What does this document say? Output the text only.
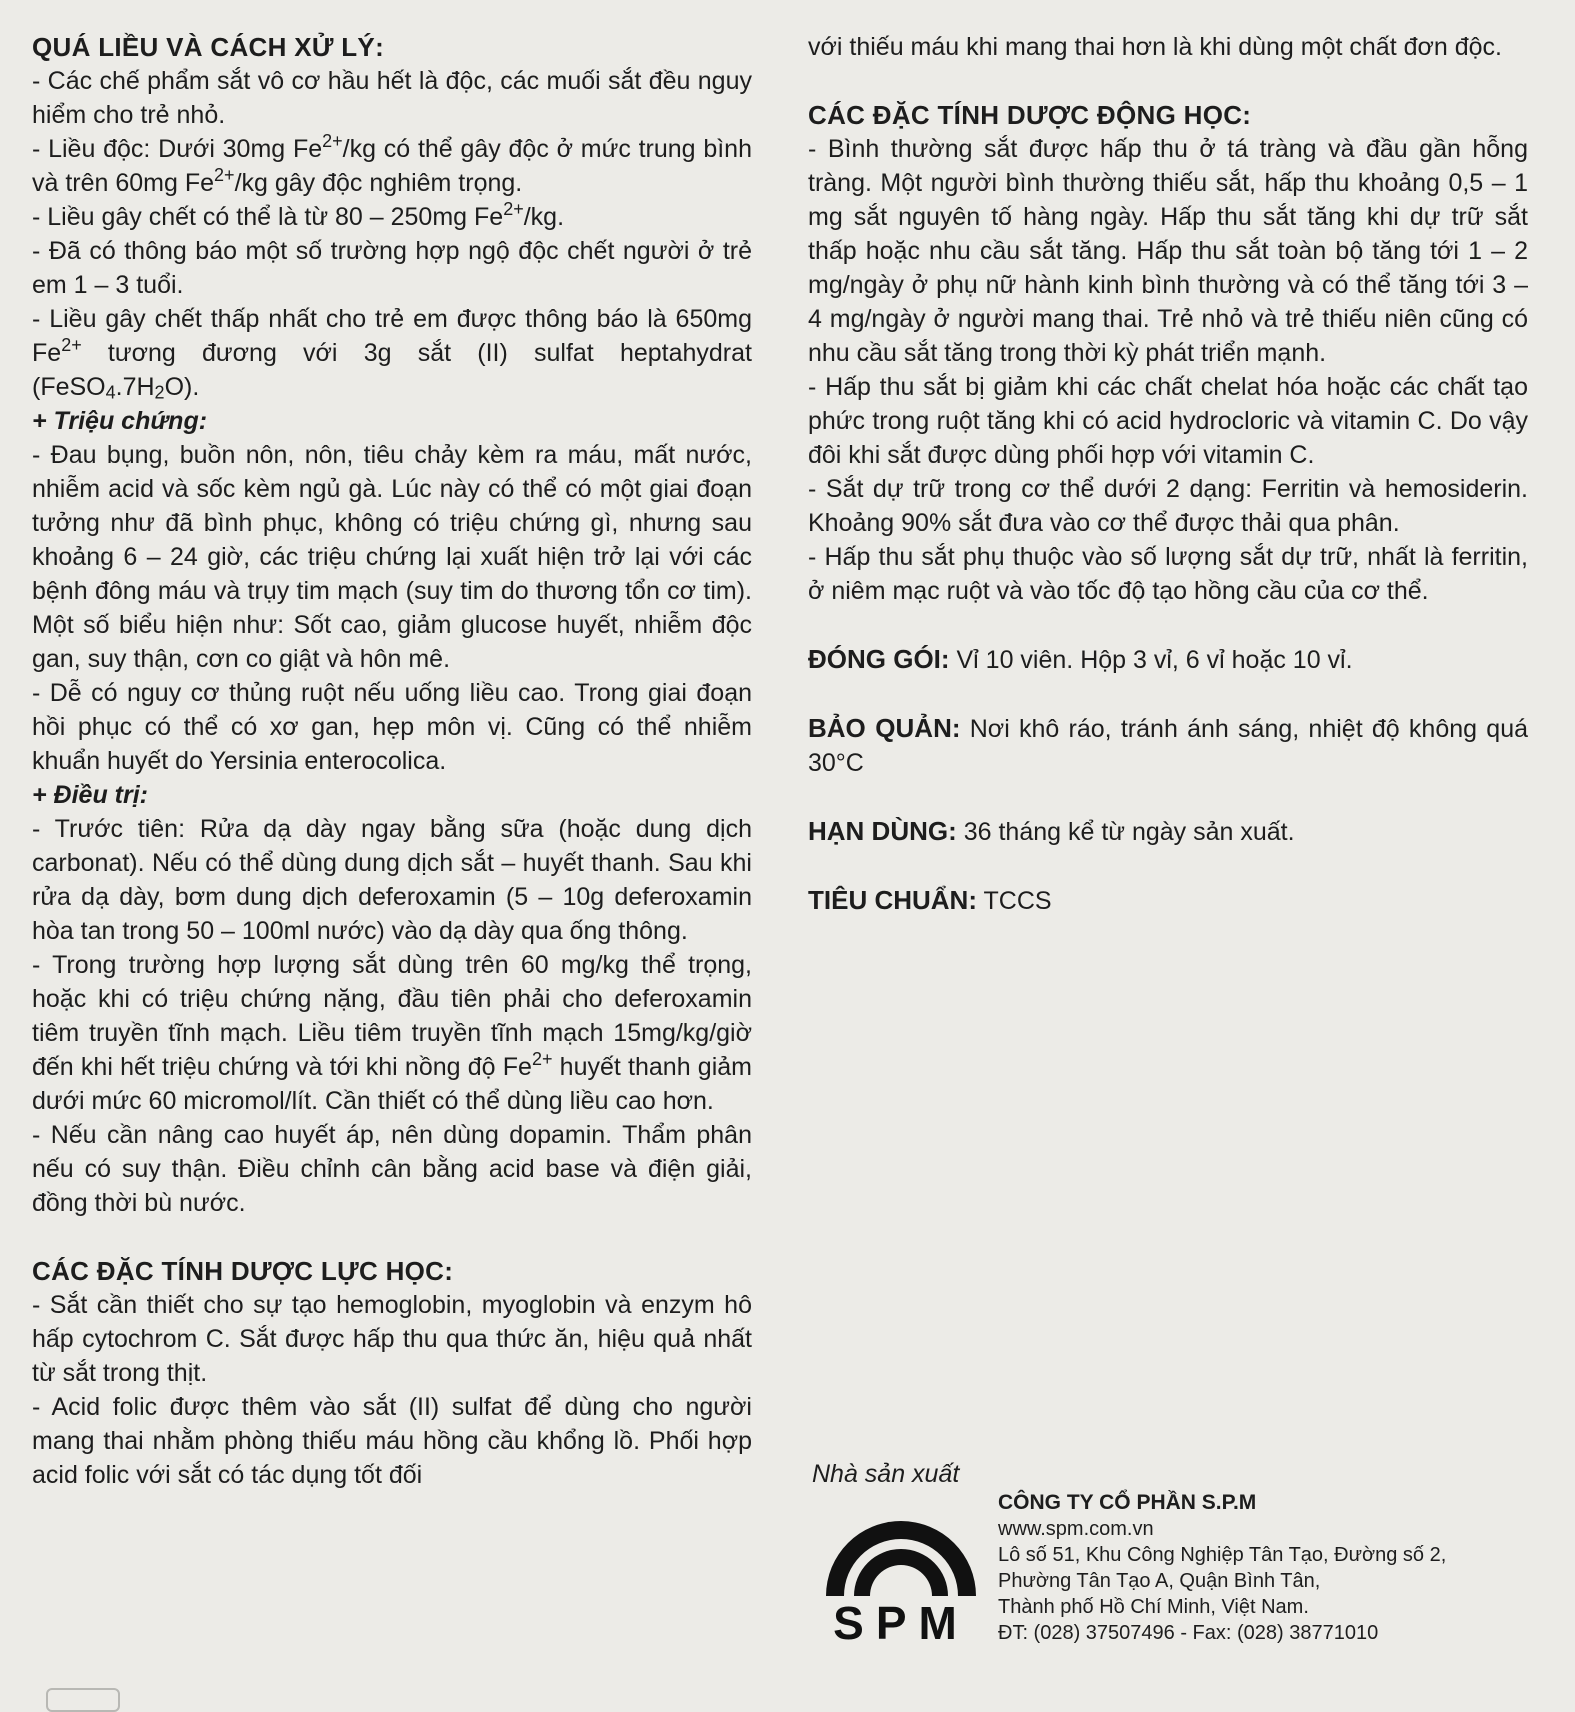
QUÁ LIỀU VÀ CÁCH XỬ LÝ:

- Các chế phẩm sắt vô cơ hầu hết là độc, các muối sắt đều nguy hiểm cho trẻ nhỏ.

- Liều độc: Dưới 30mg $Fe^{2+}/kg$ có thể gây độc ở mức trung bình và trên 60mg $Fe^{2+}/kg$ gây độc nghiêm trọng.

- Liều gây chết có thể là từ 80 – 250mg $Fe^{2+}/kg$.

- Đã có thông báo một số trường hợp ngộ độc chết người ở trẻ em 1 – 3 tuổi.

- Liều gây chết thấp nhất cho trẻ em được thông báo là 650mg $Fe^{2+}$ tương đương với 3g sắt (II) sulfat heptahydrat $(FeSO_4.7H_2O)$.

+ Triệu chứng:

- Đau bụng, buồn nôn, nôn, tiêu chảy kèm ra máu, mất nước, nhiễm acid và sốc kèm ngủ gà. Lúc này có thể có một giai đoạn tưởng như đã bình phục, không có triệu chứng gì, nhưng sau khoảng 6 – 24 giờ, các triệu chứng lại xuất hiện trở lại với các bệnh đông máu và trụy tim mạch (suy tim do thương tổn cơ tim). Một số biểu hiện như: Sốt cao, giảm glucose huyết, nhiễm độc gan, suy thận, cơn co giật và hôn mê.

- Dễ có nguy cơ thủng ruột nếu uống liều cao. Trong giai đoạn hồi phục có thể có xơ gan, hẹp môn vị. Cũng có thể nhiễm khuẩn huyết do Yersinia enterocolica.

+ Điều trị:

- Trước tiên: Rửa dạ dày ngay bằng sữa (hoặc dung dịch carbonat). Nếu có thể dùng dung dịch sắt – huyết thanh. Sau khi rửa dạ dày, bơm dung dịch deferoxamin (5 – 10g deferoxamin hòa tan trong 50 – 100ml nước) vào dạ dày qua ống thông.

- Trong trường hợp lượng sắt dùng trên 60 mg/kg thể trọng, hoặc khi có triệu chứng nặng, đầu tiên phải cho deferoxamin tiêm truyền tĩnh mạch. Liều tiêm truyền tĩnh mạch 15mg/kg/giờ đến khi hết triệu chứng và tới khi nồng độ $Fe^{2+}$ huyết thanh giảm dưới mức 60 micromol/lít. Cần thiết có thể dùng liều cao hơn.

- Nếu cần nâng cao huyết áp, nên dùng dopamin. Thẩm phân nếu có suy thận. Điều chỉnh cân bằng acid base và điện giải, đồng thời bù nước.

CÁC ĐẶC TÍNH DƯỢC LỰC HỌC:

- Sắt cần thiết cho sự tạo hemoglobin, myoglobin và enzym hô hấp cytochrom C. Sắt được hấp thu qua thức ăn, hiệu quả nhất từ sắt trong thịt.

- Acid folic được thêm vào sắt (II) sulfat để dùng cho người mang thai nhằm phòng thiếu máu hồng cầu khổng lồ. Phối hợp acid folic với sắt có tác dụng tốt đối

với thiếu máu khi mang thai hơn là khi dùng một chất đơn độc.

CÁC ĐẶC TÍNH DƯỢC ĐỘNG HỌC:

- Bình thường sắt được hấp thu ở tá tràng và đầu gần hỗng tràng. Một người bình thường thiếu sắt, hấp thu khoảng 0,5 – 1 mg sắt nguyên tố hàng ngày. Hấp thu sắt tăng khi dự trữ sắt thấp hoặc nhu cầu sắt tăng. Hấp thu sắt toàn bộ tăng tới 1 – 2 mg/ngày ở phụ nữ hành kinh bình thường và có thể tăng tới 3 – 4 mg/ngày ở người mang thai. Trẻ nhỏ và trẻ thiếu niên cũng có nhu cầu sắt tăng trong thời kỳ phát triển mạnh.

- Hấp thu sắt bị giảm khi các chất chelat hóa hoặc các chất tạo phức trong ruột tăng khi có acid hydrocloric và vitamin C. Do vậy đôi khi sắt được dùng phối hợp với vitamin C.

- Sắt dự trữ trong cơ thể dưới 2 dạng: Ferritin và hemosiderin. Khoảng 90% sắt đưa vào cơ thể được thải qua phân.

- Hấp thu sắt phụ thuộc vào số lượng sắt dự trữ, nhất là ferritin, ở niêm mạc ruột và vào tốc độ tạo hồng cầu của cơ thể.

ĐÓNG GÓI: Vỉ 10 viên. Hộp 3 vỉ, 6 vỉ hoặc 10 vỉ.

BẢO QUẢN: Nơi khô ráo, tránh ánh sáng, nhiệt độ không quá 30°C

HẠN DÙNG: 36 tháng kể từ ngày sản xuất.

TIÊU CHUẨN: TCCS

Nhà sản xuất
SPM
CÔNG TY CỔ PHẦN S.P.M
www.spm.com.vn
Lô số 51, Khu Công Nghiệp Tân Tạo, Đường số 2,
Phường Tân Tạo A, Quận Bình Tân,
Thành phố Hồ Chí Minh, Việt Nam.
ĐT: (028) 37507496 - Fax: (028) 38771010
